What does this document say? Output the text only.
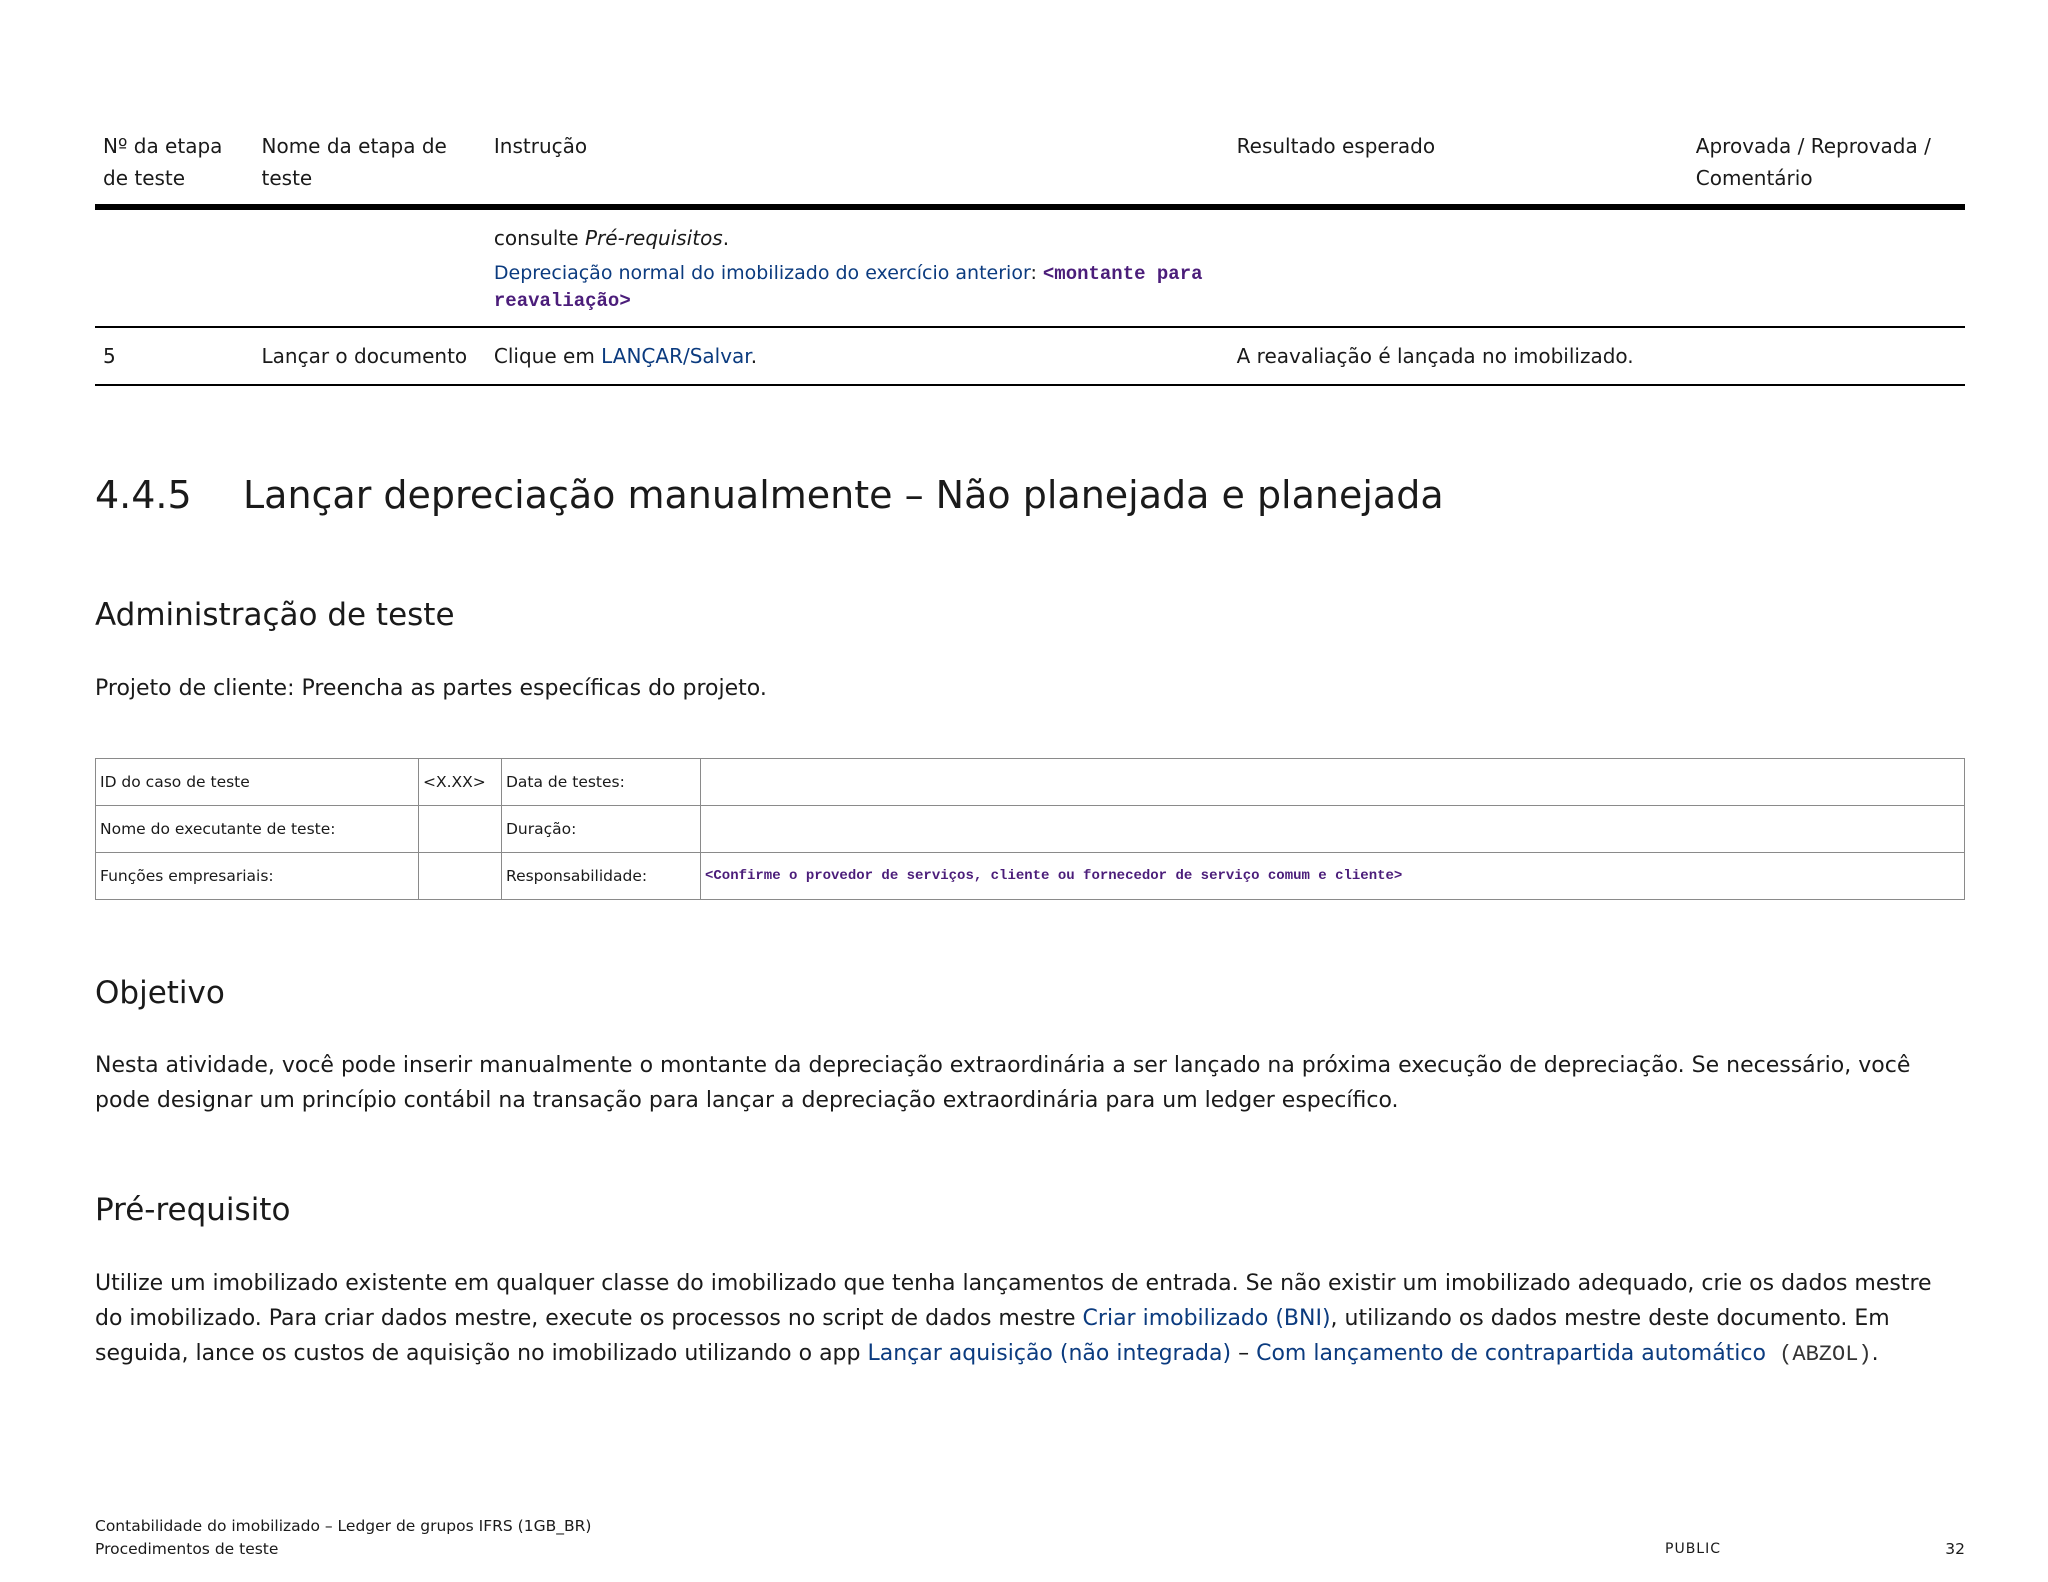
Nº da etapa de teste	Nome da etapa de teste	Instrução	Resultado esperado	Aprovada / Reprovada / Comentário

		consulte Pré-requisitos.

Depreciação normal do imobilizado do exercício anterior: <montante para reavaliação>		

5	Lançar o documento	Clique em LANÇAR/Salvar.	A reavaliação é lançada no imobilizado.	
4.4.5 Lançar depreciação manualmente – Não planejada e planejada
Administração de teste

Projeto de cliente: Preencha as partes específicas do projeto.

ID do caso de teste	<X.XX>	Data de testes:	
Nome do executante de teste:		Duração:	
Funções empresariais:		Responsabilidade:	<Confirme o provedor de serviços, cliente ou fornecedor de serviço comum e cliente>
Objetivo

Nesta atividade, você pode inserir manualmente o montante da depreciação extraordinária a ser lançado na próxima execução de depreciação. Se necessário, você pode designar um princípio contábil na transação para lançar a depreciação extraordinária para um ledger específico.

Pré-requisito

Utilize um imobilizado existente em qualquer classe do imobilizado que tenha lançamentos de entrada. Se não existir um imobilizado adequado, crie os dados mestre do imobilizado. Para criar dados mestre, execute os processos no script de dados mestre Criar imobilizado (BNI), utilizando os dados mestre deste documento. Em seguida, lance os custos de aquisição no imobilizado utilizando o app Lançar aquisição (não integrada) – Com lançamento de contrapartida automático (ABZOL).

Contabilidade do imobilizado – Ledger de grupos IFRS (1GB_BR)
Procedimentos de teste	PUBLIC	32
